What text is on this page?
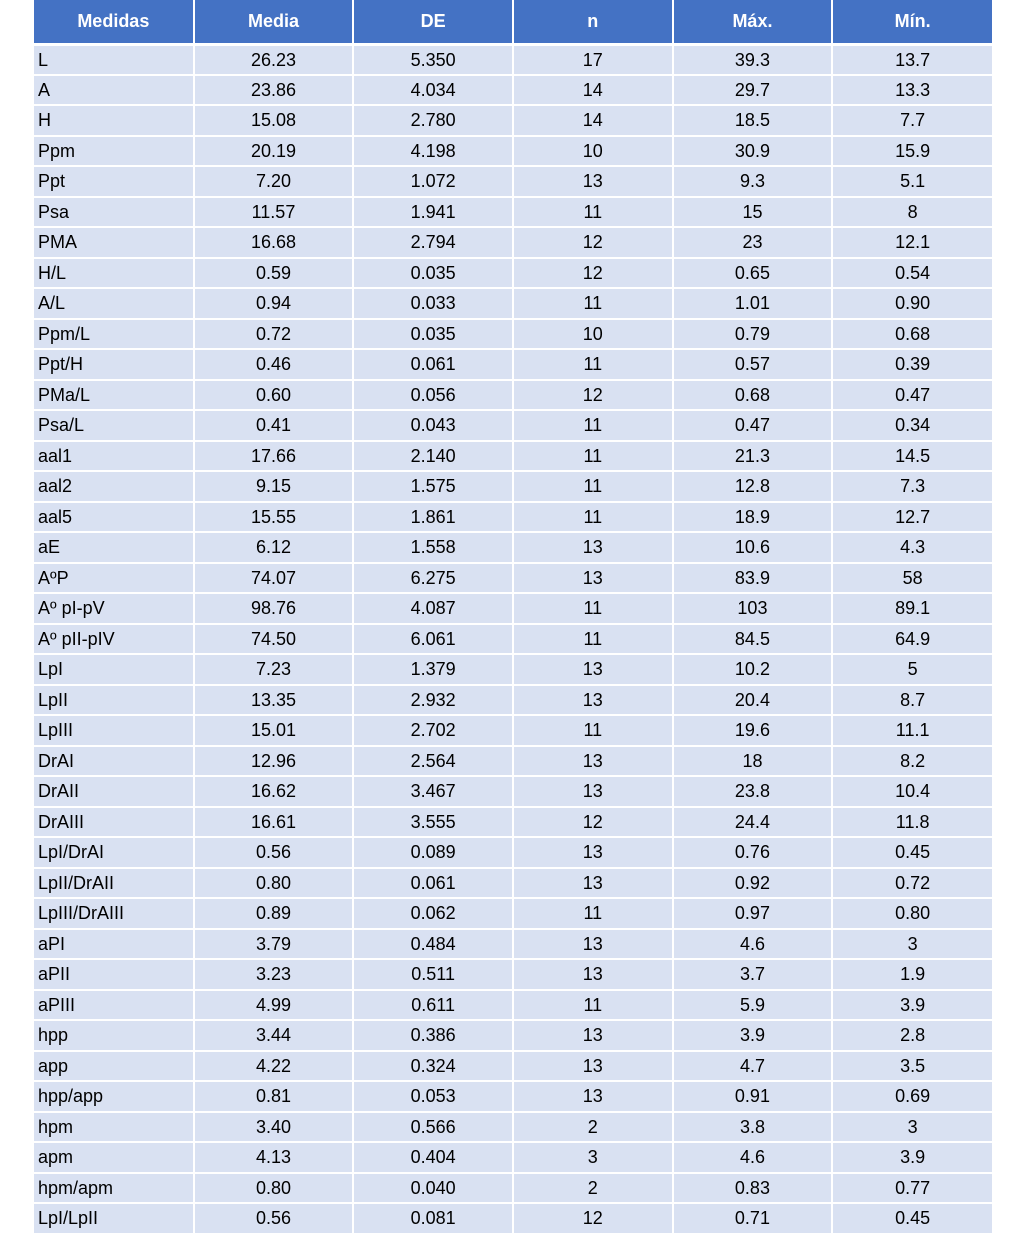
Medidas	Media	DE	n	Máx.	Mín.
L	26.23	5.350	17	39.3	13.7
A	23.86	4.034	14	29.7	13.3
H	15.08	2.780	14	18.5	7.7
Ppm	20.19	4.198	10	30.9	15.9
Ppt	7.20	1.072	13	9.3	5.1
Psa	11.57	1.941	11	15	8
PMA	16.68	2.794	12	23	12.1
H/L	0.59	0.035	12	0.65	0.54
A/L	0.94	0.033	11	1.01	0.90
Ppm/L	0.72	0.035	10	0.79	0.68
Ppt/H	0.46	0.061	11	0.57	0.39
PMa/L	0.60	0.056	12	0.68	0.47
Psa/L	0.41	0.043	11	0.47	0.34
aal1	17.66	2.140	11	21.3	14.5
aal2	9.15	1.575	11	12.8	7.3
aal5	15.55	1.861	11	18.9	12.7
aE	6.12	1.558	13	10.6	4.3
AºP	74.07	6.275	13	83.9	58
Aº pI-pV	98.76	4.087	11	103	89.1
Aº pII-pIV	74.50	6.061	11	84.5	64.9
LpI	7.23	1.379	13	10.2	5
LpII	13.35	2.932	13	20.4	8.7
LpIII	15.01	2.702	11	19.6	11.1
DrAI	12.96	2.564	13	18	8.2
DrAII	16.62	3.467	13	23.8	10.4
DrAIII	16.61	3.555	12	24.4	11.8
LpI/DrAI	0.56	0.089	13	0.76	0.45
LpII/DrAII	0.80	0.061	13	0.92	0.72
LpIII/DrAIII	0.89	0.062	11	0.97	0.80
aPI	3.79	0.484	13	4.6	3
aPII	3.23	0.511	13	3.7	1.9
aPIII	4.99	0.611	11	5.9	3.9
hpp	3.44	0.386	13	3.9	2.8
app	4.22	0.324	13	4.7	3.5
hpp/app	0.81	0.053	13	0.91	0.69
hpm	3.40	0.566	2	3.8	3
apm	4.13	0.404	3	4.6	3.9
hpm/apm	0.80	0.040	2	0.83	0.77
LpI/LpII	0.56	0.081	12	0.71	0.45
